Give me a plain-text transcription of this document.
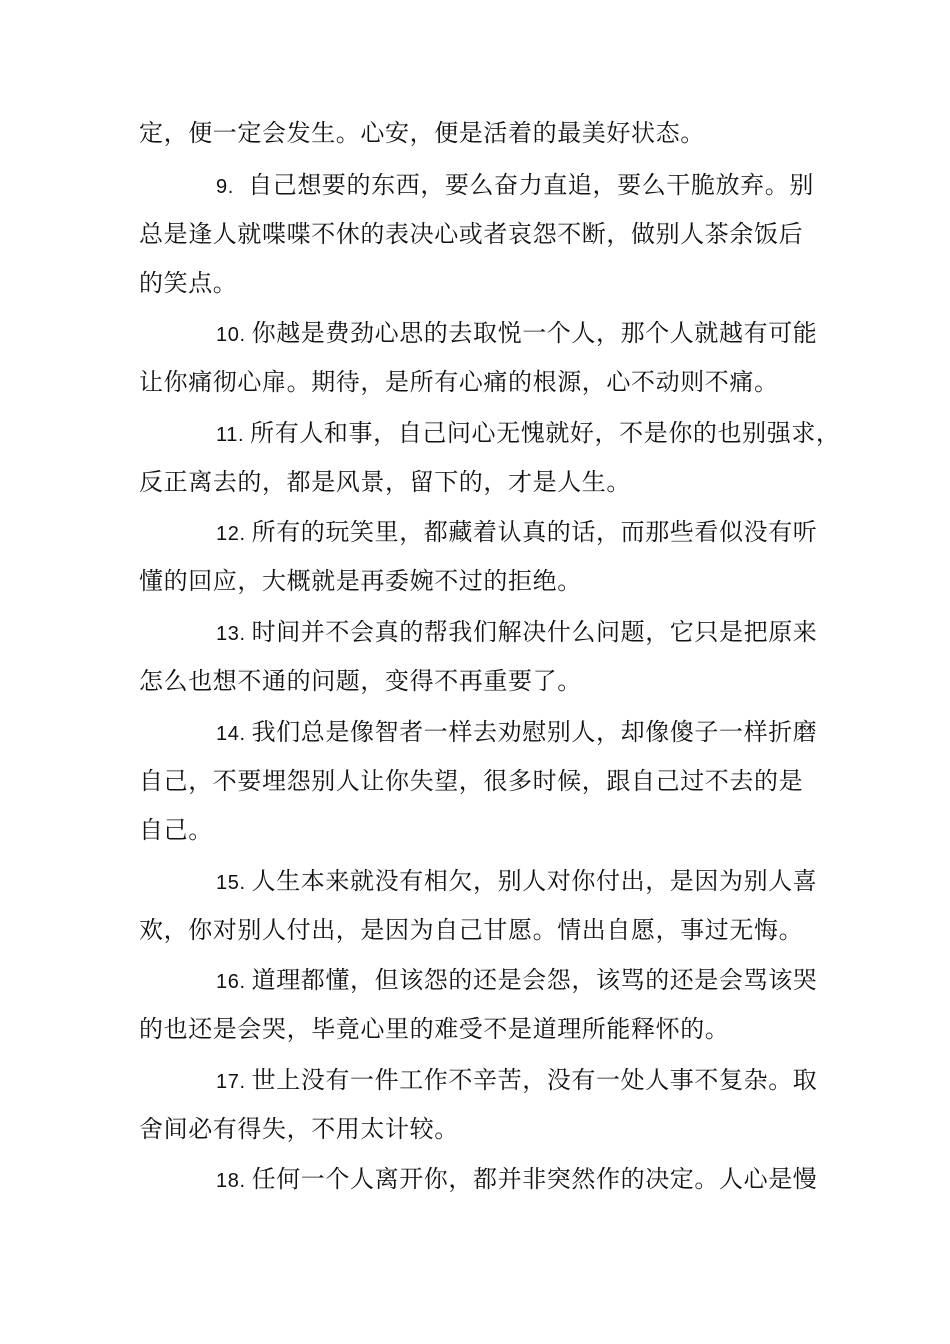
定，便一定会发生。心安，便是活着的最美好状态。
9. 自己想要的东西，要么奋力直追，要么干脆放弃。别
总是逢人就喋喋不休的表决心或者哀怨不断，做别人茶余饭后
的笑点。
10. 你越是费劲心思的去取悦一个人，那个人就越有可能
让你痛彻心扉。期待，是所有心痛的根源，心不动则不痛。
11. 所有人和事，自己问心无愧就好，不是你的也别强求，
反正离去的，都是风景，留下的，才是人生。
12. 所有的玩笑里，都藏着认真的话，而那些看似没有听
懂的回应，大概就是再委婉不过的拒绝。
13. 时间并不会真的帮我们解决什么问题，它只是把原来
怎么也想不通的问题，变得不再重要了。
14. 我们总是像智者一样去劝慰别人，却像傻子一样折磨
自己，不要埋怨别人让你失望，很多时候，跟自己过不去的是
自己。
15. 人生本来就没有相欠，别人对你付出，是因为别人喜
欢，你对别人付出，是因为自己甘愿。情出自愿，事过无悔。
16. 道理都懂，但该怨的还是会怨，该骂的还是会骂该哭
的也还是会哭，毕竟心里的难受不是道理所能释怀的。
17. 世上没有一件工作不辛苦，没有一处人事不复杂。取
舍间必有得失，不用太计较。
18. 任何一个人离开你，都并非突然作的决定。人心是慢
